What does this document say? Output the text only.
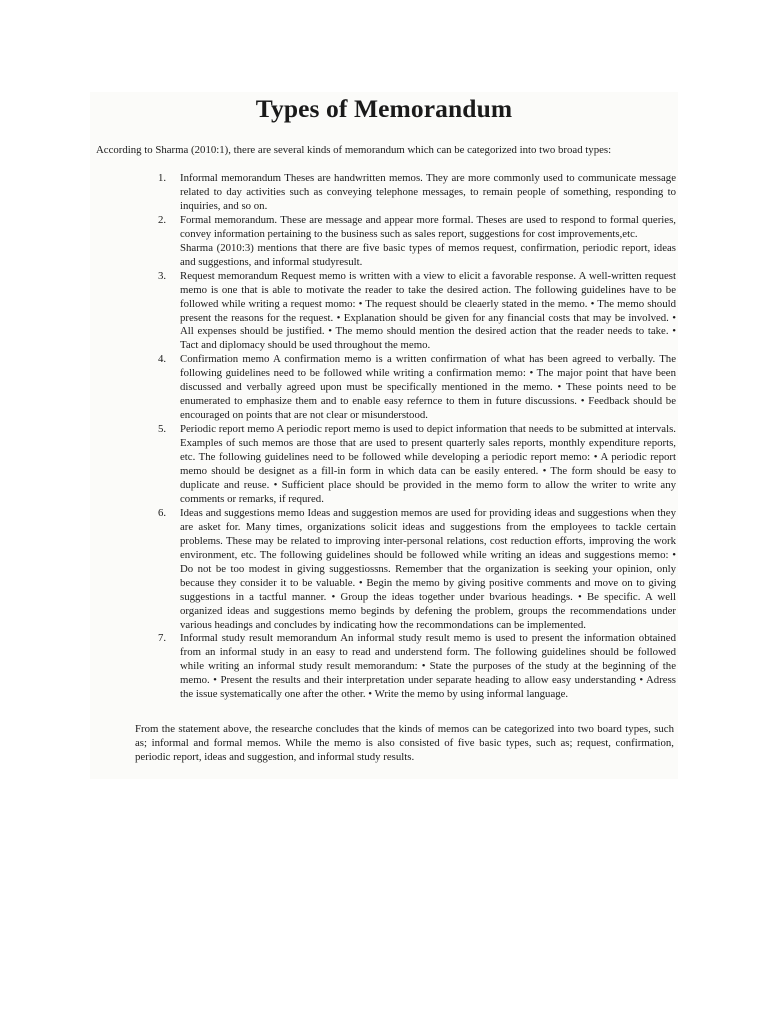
Types of Memorandum

According to Sharma (2010:1), there are several kinds of memorandum which can be categorized into two broad types:

1. Informal memorandum Theses are handwritten memos. They are more commonly used to communicate message related to day activities such as conveying telephone messages, to remain people of something, responding to inquiries, and so on.
2. Formal memorandum. These are message and appear more formal. Theses are used to respond to formal queries, convey information pertaining to the business such as sales report, suggestions for cost improvements,etc.
Sharma (2010:3) mentions that there are five basic types of memos request, confirmation, periodic report, ideas and suggestions, and informal studyresult.
3. Request memorandum Request memo is written with a view to elicit a favorable response. A well-written request memo is one that is able to motivate the reader to take the desired action. The following guidelines have to be followed while writing a request momo: • The request should be cleaerly stated in the memo. • The memo should present the reasons for the request. • Explanation should be given for any financial costs that may be involved. • All expenses should be justified. • The memo should mention the desired action that the reader needs to take. • Tact and diplomacy should be used throughout the memo.
4. Confirmation memo A confirmation memo is a written confirmation of what has been agreed to verbally. The following guidelines need to be followed while writing a confirmation memo: • The major point that have been discussed and verbally agreed upon must be specifically mentioned in the memo. • These points need to be enumerated to emphasize them and to enable easy refernce to them in future discussions. • Feedback should be encouraged on points that are not clear or misunderstood.
5. Periodic report memo A periodic report memo is used to depict information that needs to be submitted at intervals. Examples of such memos are those that are used to present quarterly sales reports, monthly expenditure reports, etc. The following guidelines need to be followed while developing a periodic report memo: • A periodic report memo should be designet as a fill-in form in which data can be easily entered. • The form should be easy to duplicate and reuse. • Sufficient place should be provided in the memo form to allow the writer to write any comments or remarks, if requred.
6. Ideas and suggestions memo Ideas and suggestion memos are used for providing ideas and suggestions when they are asket for. Many times, organizations solicit ideas and suggestions from the employees to tackle certain problems. These may be related to improving inter-personal relations, cost reduction efforts, improving the work environment, etc. The following guidelines should be followed while writing an ideas and suggestions memo: • Do not be too modest in giving suggestiossns. Remember that the organization is seeking your opinion, only because they consider it to be valuable. • Begin the memo by giving positive comments and move on to giving suggestions in a tactful manner. • Group the ideas together under bvarious headings. • Be specific. A well organized ideas and suggestions memo beginds by defening the problem, groups the recommendations under various headings and concludes by indicating how the recommondations can be implemented.
7. Informal study result memorandum An informal study result memo is used to present the information obtained from an informal study in an easy to read and understend form. The following guidelines should be followed while writing an informal study result memorandum: • State the purposes of the study at the beginning of the memo. • Present the results and their interpretation under separate heading to allow easy understanding • Adress the issue systematically one after the other. • Write the memo by using informal language.

From the statement above, the researche concludes that the kinds of memos can be categorized into two board types, such as; informal and formal memos. While the memo is also consisted of five basic types, such as; request, confirmation, periodic report, ideas and suggestion, and informal study results.
